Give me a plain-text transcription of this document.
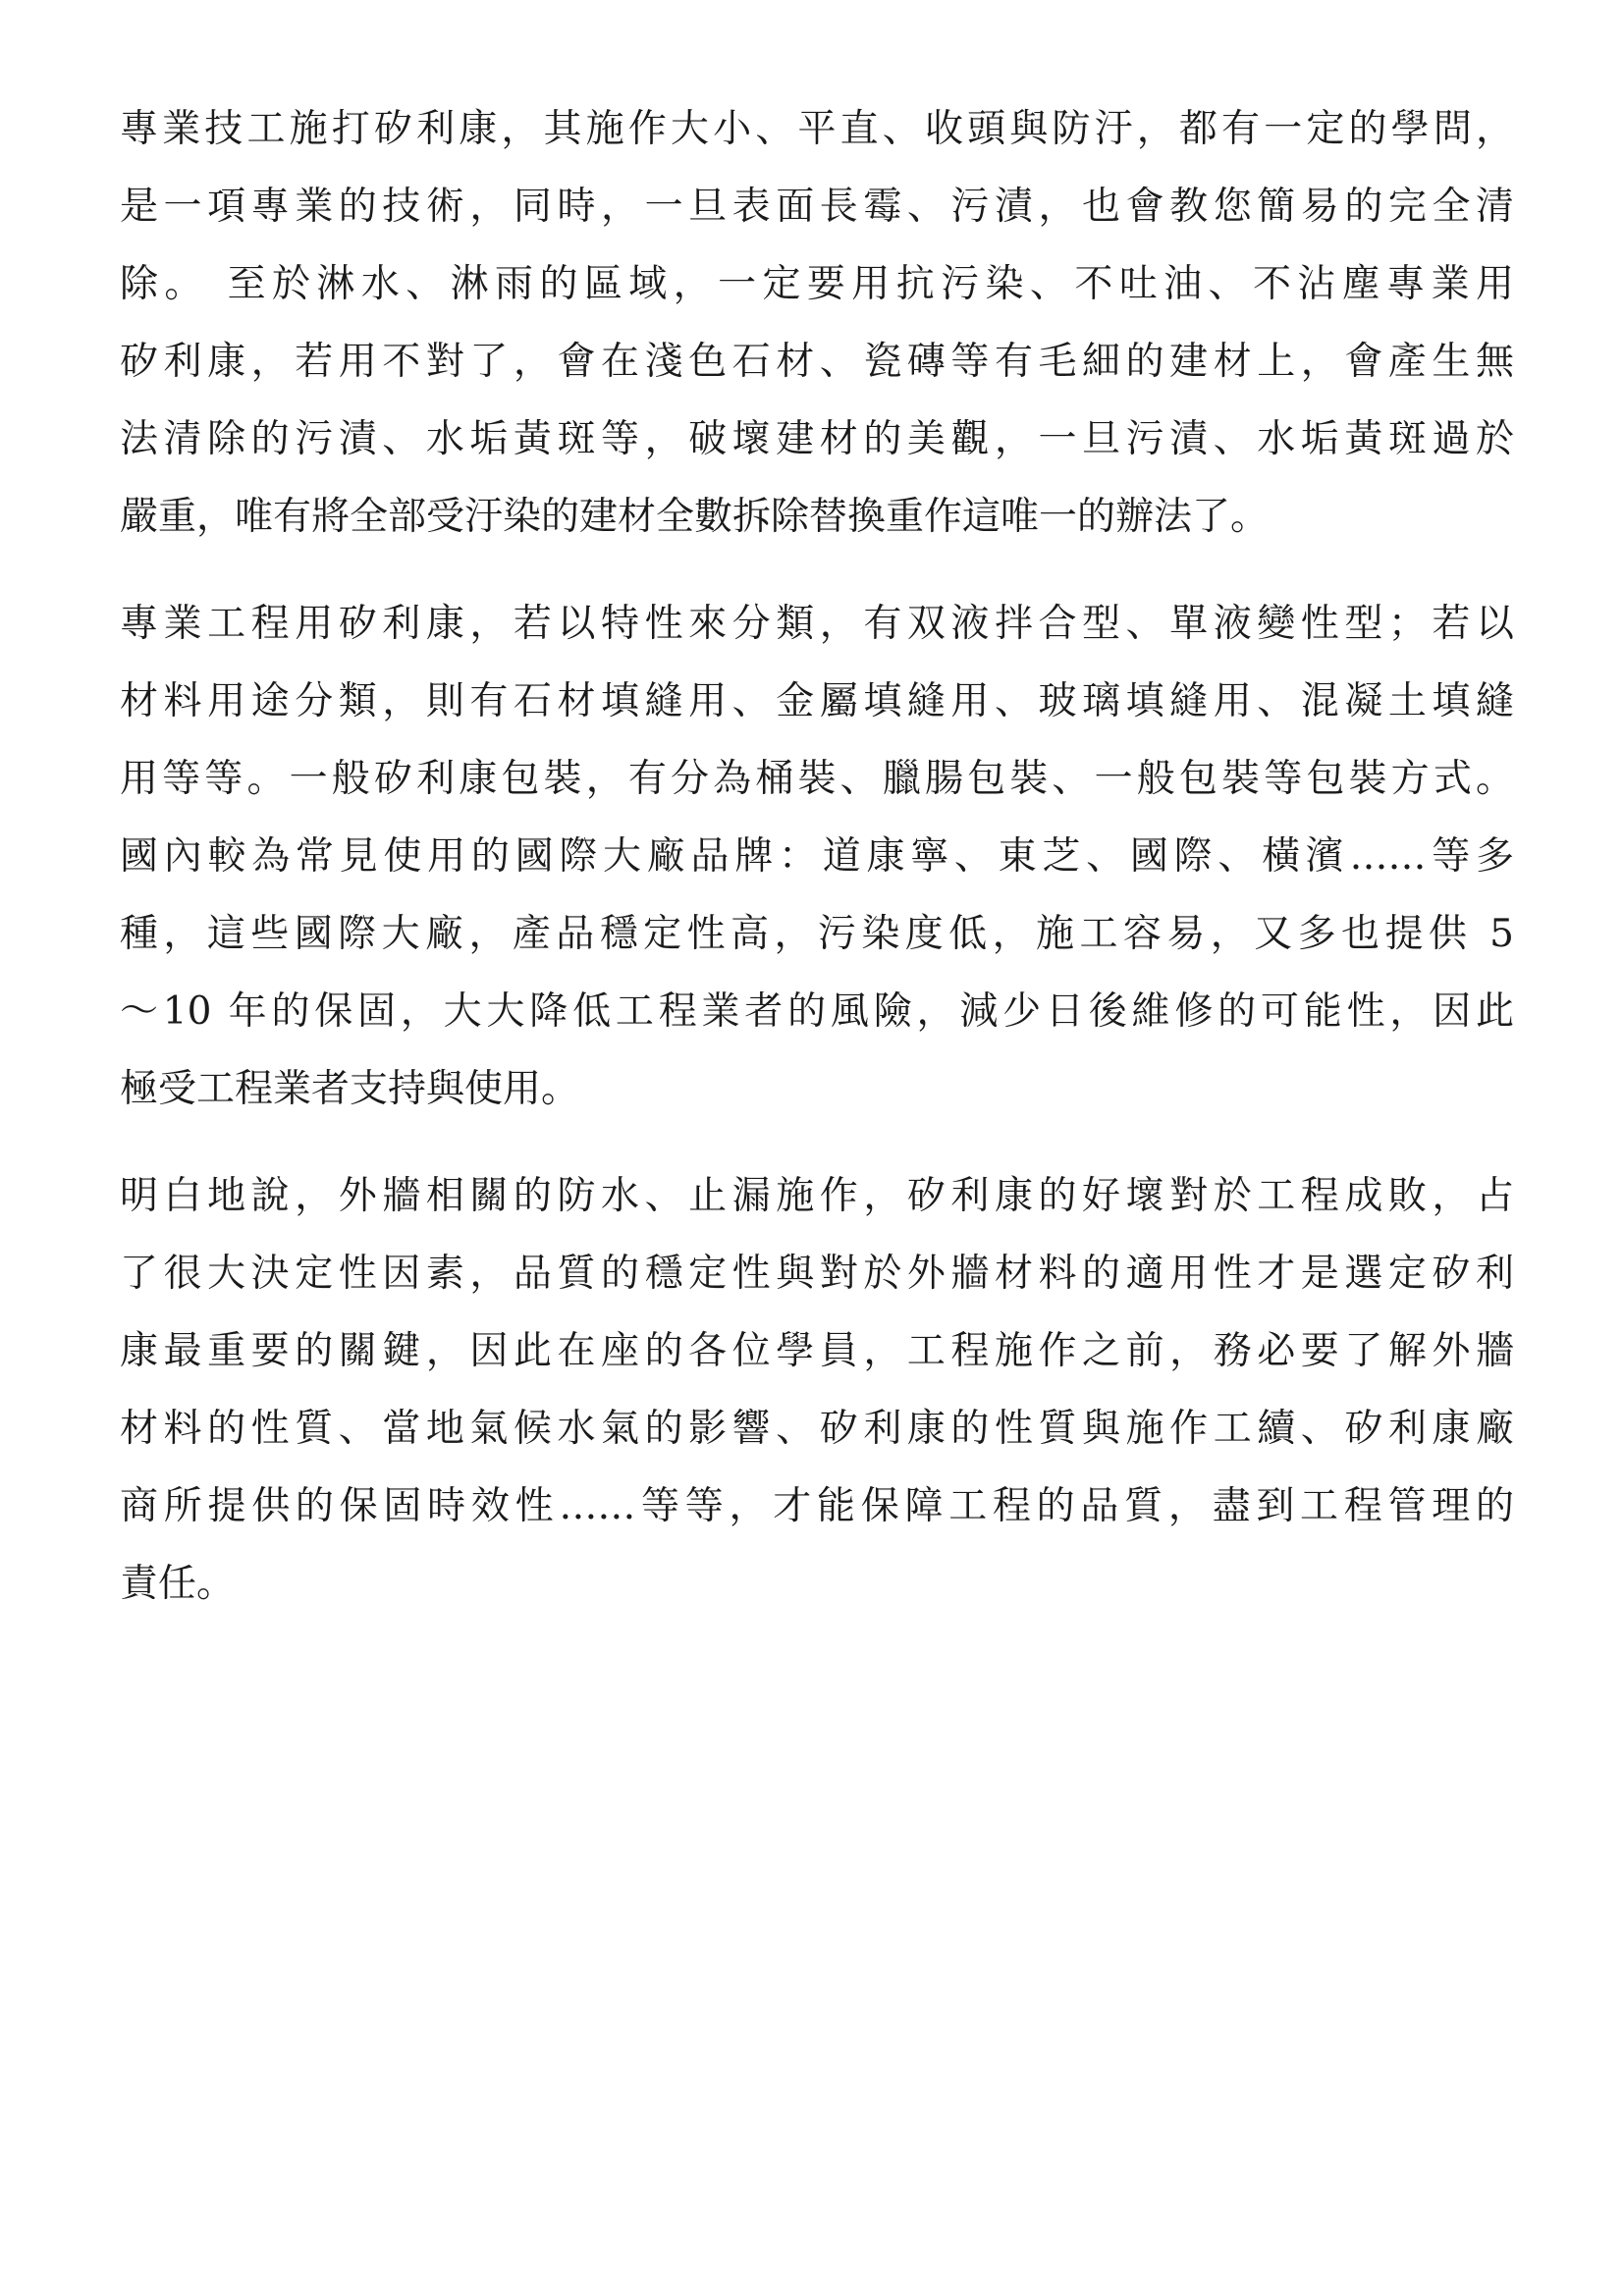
專業技工施打矽利康，其施作大小、平直、收頭與防汙，都有一定的學問，
是一項專業的技術，同時，一旦表面長霉、污漬，也會教您簡易的完全清
除。 至於淋水、淋雨的區域，一定要用抗污染、不吐油、不沾塵專業用
矽利康，若用不對了，會在淺色石材、瓷磚等有毛細的建材上，會產生無
法清除的污漬、水垢黃斑等，破壞建材的美觀，一旦污漬、水垢黃斑過於
嚴重，唯有將全部受汙染的建材全數拆除替換重作這唯一的辦法了。
專業工程用矽利康，若以特性來分類，有双液拌合型、單液變性型；若以
材料用途分類，則有石材填縫用、金屬填縫用、玻璃填縫用、混凝土填縫
用等等。一般矽利康包裝，有分為桶裝、臘腸包裝、一般包裝等包裝方式。
國內較為常見使用的國際大廠品牌：道康寧、東芝、國際、橫濱……等多
種，這些國際大廠，產品穩定性高，污染度低，施工容易，又多也提供 5
～10 年的保固，大大降低工程業者的風險，減少日後維修的可能性，因此
極受工程業者支持與使用。
明白地說，外牆相關的防水、止漏施作，矽利康的好壞對於工程成敗，占
了很大決定性因素，品質的穩定性與對於外牆材料的適用性才是選定矽利
康最重要的關鍵，因此在座的各位學員，工程施作之前，務必要了解外牆
材料的性質、當地氣候水氣的影響、矽利康的性質與施作工續、矽利康廠
商所提供的保固時效性……等等，才能保障工程的品質，盡到工程管理的
責任。
